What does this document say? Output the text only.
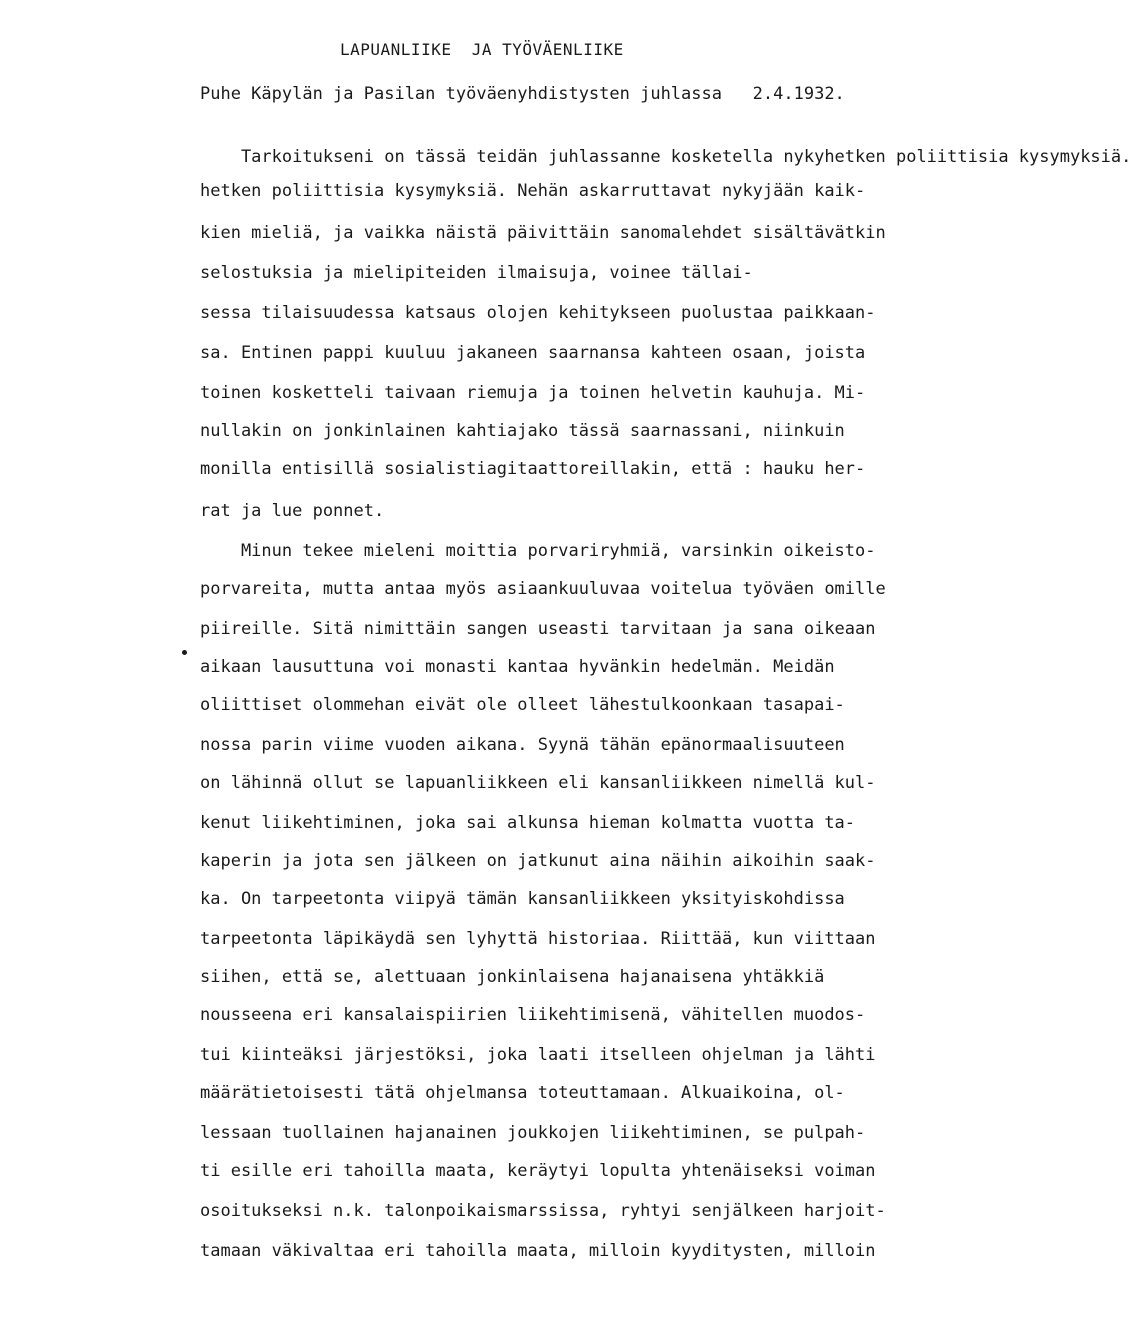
LAPUANLIIKE  JA TYÖVÄENLIIKE
Puhe Käpylän ja Pasilan työväenyhdistysten juhlassa   2.4.1932.
Tarkoitukseni on tässä teidän juhlassanne kosketella nykyhetken poliittisia kysymyksiä.
hetken poliittisia kysymyksiä. Nehän askarruttavat nykyjään kaik-
kien mieliä, ja vaikka näistä päivittäin sanomalehdet sisältävätkin
selostuksia ja mielipiteiden ilmaisuja, voinee tällai-
sessa tilaisuudessa katsaus olojen kehitykseen puolustaa paikkaan-
sa. Entinen pappi kuuluu jakaneen saarnansa kahteen osaan, joista
toinen kosketteli taivaan riemuja ja toinen helvetin kauhuja. Mi-
nullakin on jonkinlainen kahtiajako tässä saarnassani, niinkuin
monilla entisillä sosialistiagitaattoreillakin, että : hauku her-
rat ja lue ponnet.
Minun tekee mieleni moittia porvariryhmiä, varsinkin oikeisto-
porvareita, mutta antaa myös asiaankuuluvaa voitelua työväen omille
piireille. Sitä nimittäin sangen useasti tarvitaan ja sana oikeaan
aikaan lausuttuna voi monasti kantaa hyvänkin hedelmän. Meidän
oliittiset olommehan eivät ole olleet lähestulkoonkaan tasapai-
nossa parin viime vuoden aikana. Syynä tähän epänormaalisuuteen
on lähinnä ollut se lapuanliikkeen eli kansanliikkeen nimellä kul-
kenut liikehtiminen, joka sai alkunsa hieman kolmatta vuotta ta-
kaperin ja jota sen jälkeen on jatkunut aina näihin aikoihin saak-
ka. On tarpeetonta viipyä tämän kansanliikkeen yksityiskohdissa
tarpeetonta läpikäydä sen lyhyttä historiaa. Riittää, kun viittaan
siihen, että se, alettuaan jonkinlaisena hajanaisena yhtäkkiä
nousseena eri kansalaispiirien liikehtimisenä, vähitellen muodos-
tui kiinteäksi järjestöksi, joka laati itselleen ohjelman ja lähti
määrätietoisesti tätä ohjelmansa toteuttamaan. Alkuaikoina, ol-
lessaan tuollainen hajanainen joukkojen liikehtiminen, se pulpah-
ti esille eri tahoilla maata, keräytyi lopulta yhtenäiseksi voiman
osoitukseksi n.k. talonpoikaismarssissa, ryhtyi senjälkeen harjoit-
tamaan väkivaltaa eri tahoilla maata, milloin kyyditysten, milloin
